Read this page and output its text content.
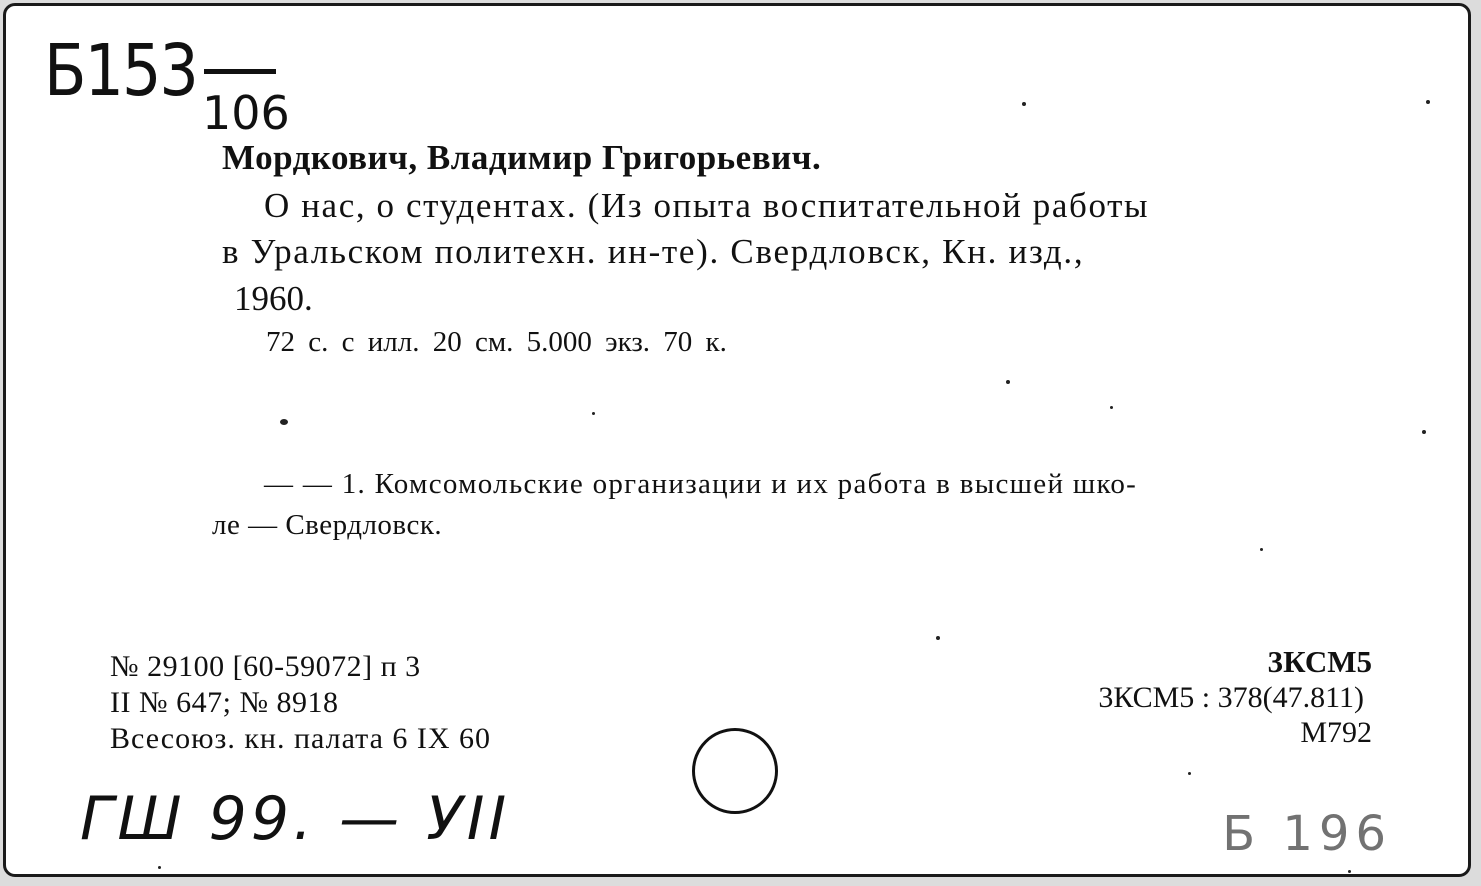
Б153
106
Мордкович, Владимир Григорьевич.
О нас, о студентах. (Из опыта воспитательной работы
в Уральском политехн. ин-те). Свердловск, Кн. изд.,
1960.
72 с. с илл. 20 см. 5.000 экз. 70 к.
— — 1. Комсомольские организации и их работа в высшей шко-
ле — Свердловск.
№ 29100 [60-59072] п 3
II № 647; № 8918
Всесоюз. кн. палата 6 IX 60
3КСМ5
3КСМ5 : 378(47.811)
М792
ГШ 99. — УII	Б 196
